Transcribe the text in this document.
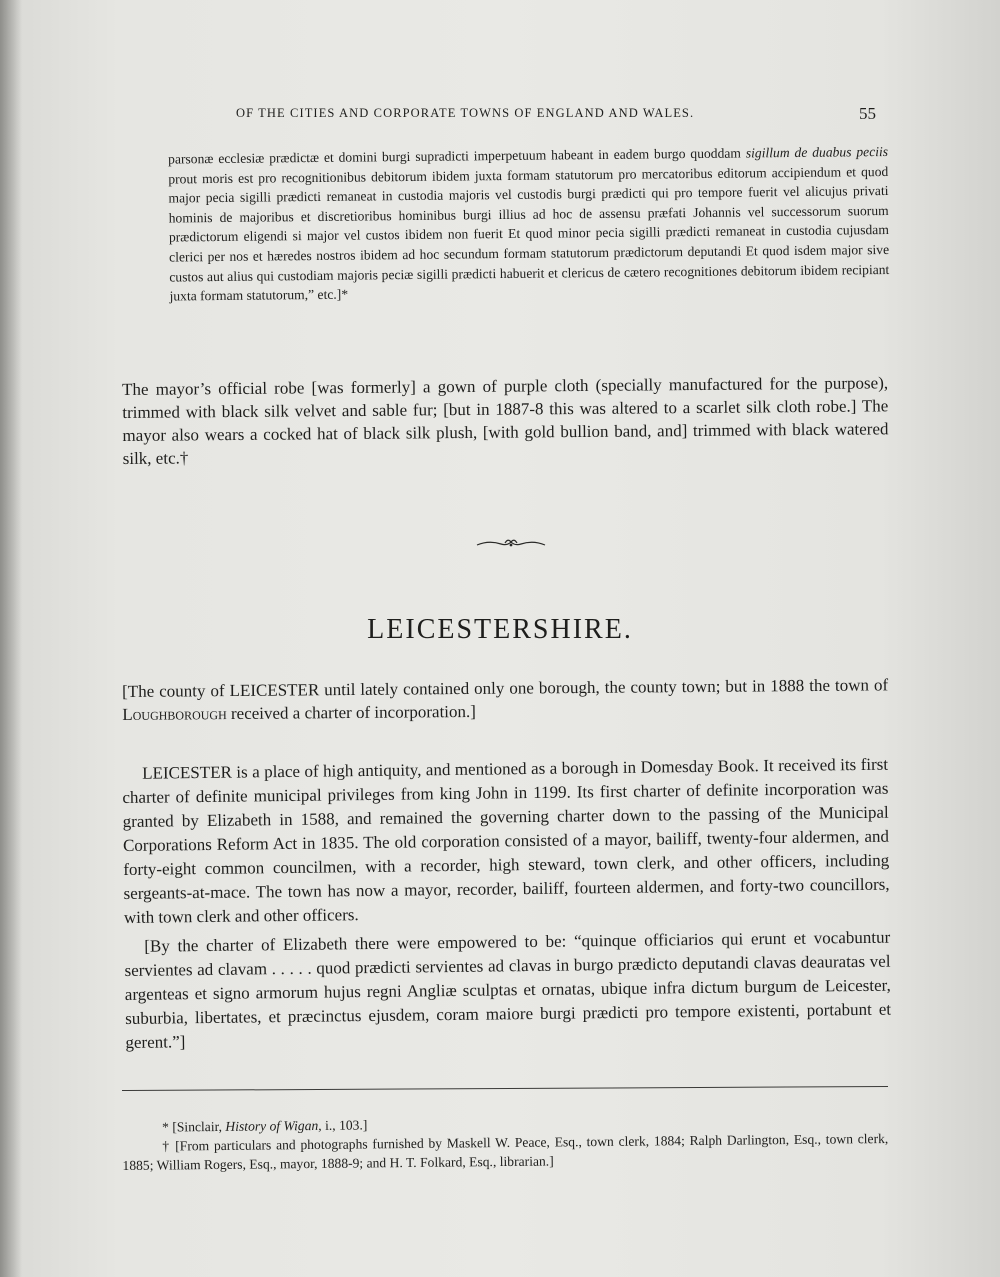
OF THE CITIES AND CORPORATE TOWNS OF ENGLAND AND WALES.	55
parsonæ ecclesiæ prædictæ et domini burgi supradicti imperpetuum habeant in eadem burgo quoddam sigillum de duabus peciis prout moris est pro recognitionibus debitorum ibidem juxta formam statutorum pro mercatoribus editorum accipiendum et quod major pecia sigilli prædicti remaneat in custodia majoris vel custodis burgi prædicti qui pro tempore fuerit vel alicujus privati hominis de majoribus et discretioribus hominibus burgi illius ad hoc de assensu præfati Johannis vel successorum suorum prædictorum eligendi si major vel custos ibidem non fuerit Et quod minor pecia sigilli prædicti remaneat in custodia cujusdam clerici per nos et hæredes nostros ibidem ad hoc secundum formam statutorum prædictorum deputandi Et quod isdem major sive custos aut alius qui custodiam majoris peciæ sigilli prædicti habuerit et clericus de cætero recognitiones debitorum ibidem recipiant juxta formam statutorum,” etc.]*

The mayor’s official robe [was formerly] a gown of purple cloth (specially manufactured for the purpose), trimmed with black silk velvet and sable fur; [but in 1887-8 this was altered to a scarlet silk cloth robe.] The mayor also wears a cocked hat of black silk plush, [with gold bullion band, and] trimmed with black watered silk, etc.†

LEICESTERSHIRE.
[The county of LEICESTER until lately contained only one borough, the county town; but in 1888 the town of Loughborough received a charter of incorporation.]

LEICESTER is a place of high antiquity, and mentioned as a borough in Domesday Book. It received its first charter of definite municipal privileges from king John in 1199. Its first charter of definite incorporation was granted by Elizabeth in 1588, and remained the governing charter down to the passing of the Municipal Corporations Reform Act in 1835. The old corporation consisted of a mayor, bailiff, twenty-four aldermen, and forty-eight common councilmen, with a recorder, high steward, town clerk, and other officers, including sergeants-at-mace. The town has now a mayor, recorder, bailiff, fourteen aldermen, and forty-two councillors, with town clerk and other officers.

[By the charter of Elizabeth there were empowered to be: “quinque officiarios qui erunt et vocabuntur servientes ad clavam . . . . . quod prædicti servientes ad clavas in burgo prædicto deputandi clavas deauratas vel argenteas et signo armorum hujus regni Angliæ sculptas et ornatas, ubique infra dictum burgum de Leicester, suburbia, libertates, et præcinctus ejusdem, coram maiore burgi prædicti pro tempore existenti, portabunt et gerent.”]

* [Sinclair, History of Wigan, i., 103.]

† [From particulars and photographs furnished by Maskell W. Peace, Esq., town clerk, 1884; Ralph Darlington, Esq., town clerk, 1885; William Rogers, Esq., mayor, 1888-9; and H. T. Folkard, Esq., librarian.]
